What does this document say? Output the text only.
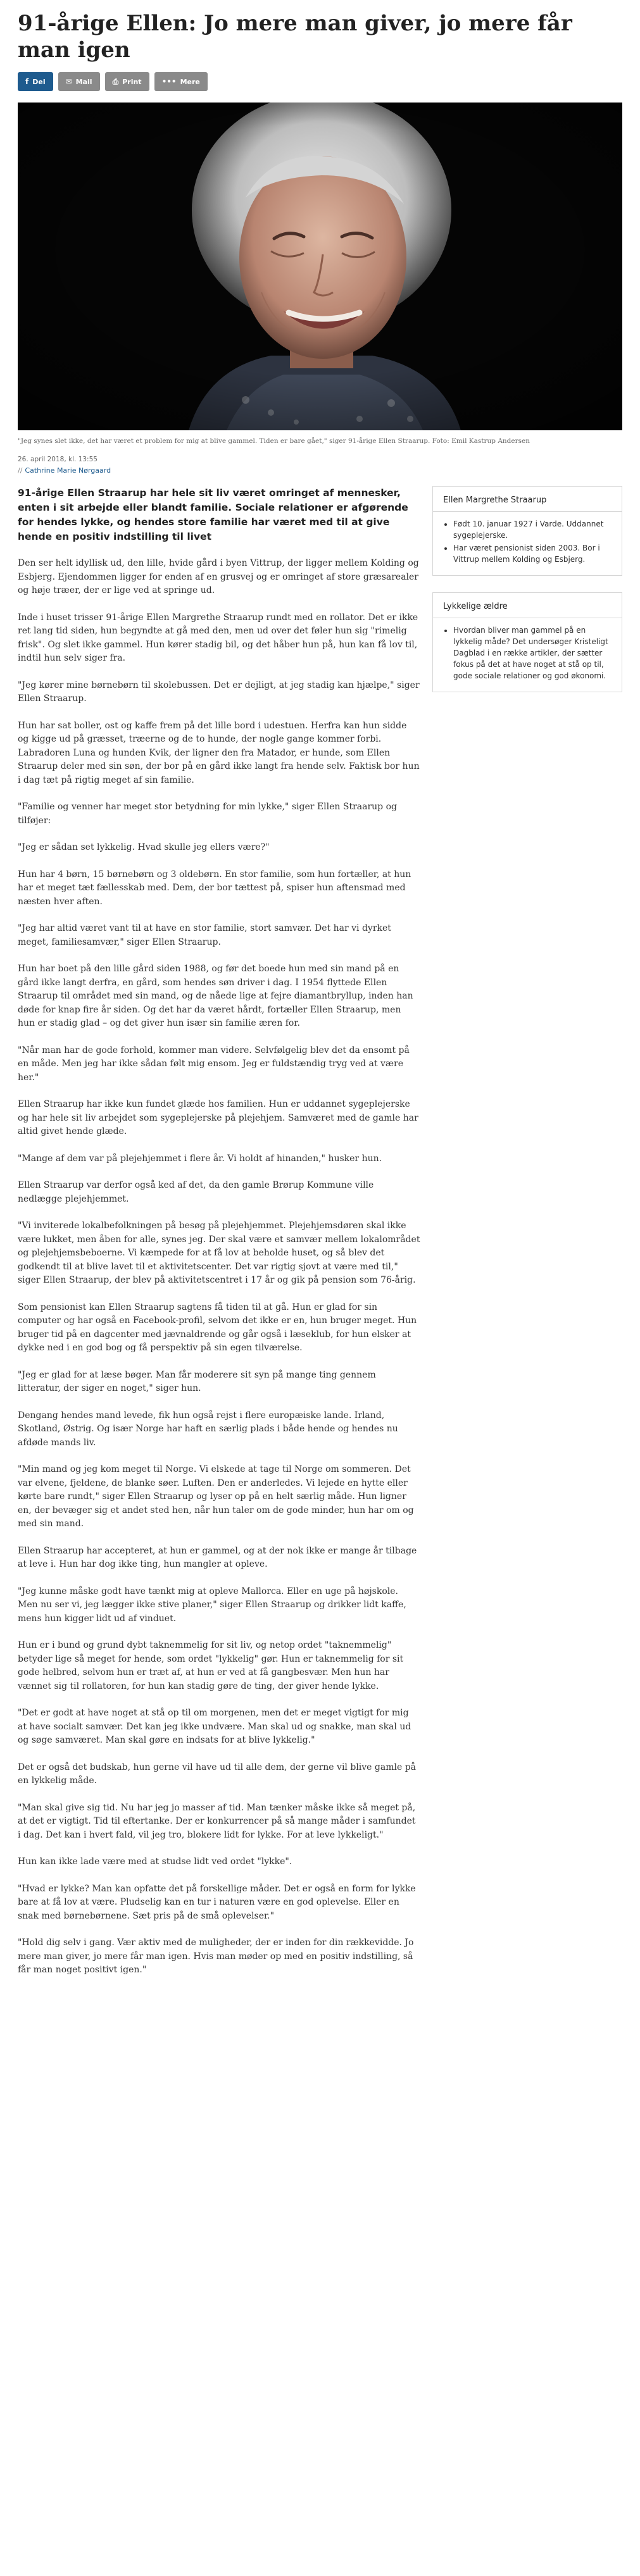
91-årige Ellen: Jo mere man giver, jo mere får man igen
f Del	✉ Mail	⎙ Print	••• Mere
"Jeg synes slet ikke, det har været et problem for mig at blive gammel. Tiden er bare gået," siger 91-årige Ellen Straarup. Foto: Emil Kastrup Andersen
26. april 2018, kl. 13:55
// Cathrine Marie Nørgaard

91-årige Ellen Straarup har hele sit liv været omringet af mennesker, enten i sit arbejde eller blandt familie. Sociale relationer er afgørende for hendes lykke, og hendes store familie har været med til at give hende en positiv indstilling til livet

Den ser helt idyllisk ud, den lille, hvide gård i byen Vittrup, der ligger mellem Kolding og Esbjerg. Ejendommen ligger for enden af en grusvej og er omringet af store græsarealer og høje træer, der er lige ved at springe ud.

Inde i huset trisser 91-årige Ellen Margrethe Straarup rundt med en rollator. Det er ikke ret lang tid siden, hun begyndte at gå med den, men ud over det føler hun sig "rimelig frisk". Og slet ikke gammel. Hun kører stadig bil, og det håber hun på, hun kan få lov til, indtil hun selv siger fra.

"Jeg kører mine børnebørn til skolebussen. Det er dejligt, at jeg stadig kan hjælpe," siger Ellen Straarup.

Hun har sat boller, ost og kaffe frem på det lille bord i udestuen. Herfra kan hun sidde og kigge ud på græsset, træerne og de to hunde, der nogle gange kommer forbi. Labradoren Luna og hunden Kvik, der ligner den fra Matador, er hunde, som Ellen Straarup deler med sin søn, der bor på en gård ikke langt fra hende selv. Faktisk bor hun i dag tæt på rigtig meget af sin familie.

"Familie og venner har meget stor betydning for min lykke," siger Ellen Straarup og tilføjer:

"Jeg er sådan set lykkelig. Hvad skulle jeg ellers være?"

Hun har 4 børn, 15 børnebørn og 3 oldebørn. En stor familie, som hun fortæller, at hun har et meget tæt fællesskab med. Dem, der bor tættest på, spiser hun aftensmad med næsten hver aften.

"Jeg har altid været vant til at have en stor familie, stort samvær. Det har vi dyrket meget, familiesamvær," siger Ellen Straarup.

Hun har boet på den lille gård siden 1988, og før det boede hun med sin mand på en gård ikke langt derfra, en gård, som hendes søn driver i dag. I 1954 flyttede Ellen Straarup til området med sin mand, og de nåede lige at fejre diamantbryllup, inden han døde for knap fire år siden. Og det har da været hårdt, fortæller Ellen Straarup, men hun er stadig glad – og det giver hun især sin familie æren for.

"Når man har de gode forhold, kommer man videre. Selvfølgelig blev det da ensomt på en måde. Men jeg har ikke sådan følt mig ensom. Jeg er fuldstændig tryg ved at være her."

Ellen Straarup har ikke kun fundet glæde hos familien. Hun er uddannet sygeplejerske og har hele sit liv arbejdet som sygeplejerske på plejehjem. Samværet med de gamle har altid givet hende glæde.

"Mange af dem var på plejehjemmet i flere år. Vi holdt af hinanden," husker hun.

Ellen Straarup var derfor også ked af det, da den gamle Brørup Kommune ville nedlægge plejehjemmet.

"Vi inviterede lokalbefolkningen på besøg på plejehjemmet. Plejehjemsdøren skal ikke være lukket, men åben for alle, synes jeg. Der skal være et samvær mellem lokalområdet og plejehjemsbeboerne. Vi kæmpede for at få lov at beholde huset, og så blev det godkendt til at blive lavet til et aktivitetscenter. Det var rigtig sjovt at være med til," siger Ellen Straarup, der blev på aktivitetscentret i 17 år og gik på pension som 76-årig.

Som pensionist kan Ellen Straarup sagtens få tiden til at gå. Hun er glad for sin computer og har også en Facebook-profil, selvom det ikke er en, hun bruger meget. Hun bruger tid på en dagcenter med jævnaldrende og går også i læseklub, for hun elsker at dykke ned i en god bog og få perspektiv på sin egen tilværelse.

"Jeg er glad for at læse bøger. Man får moderere sit syn på mange ting gennem litteratur, der siger en noget," siger hun.

Dengang hendes mand levede, fik hun også rejst i flere europæiske lande. Irland, Skotland, Østrig. Og især Norge har haft en særlig plads i både hende og hendes nu afdøde mands liv.

"Min mand og jeg kom meget til Norge. Vi elskede at tage til Norge om sommeren. Det var elvene, fjeldene, de blanke søer. Luften. Den er anderledes. Vi lejede en hytte eller kørte bare rundt," siger Ellen Straarup og lyser op på en helt særlig måde. Hun ligner en, der bevæger sig et andet sted hen, når hun taler om de gode minder, hun har om og med sin mand.

Ellen Straarup har accepteret, at hun er gammel, og at der nok ikke er mange år tilbage at leve i. Hun har dog ikke ting, hun mangler at opleve.

"Jeg kunne måske godt have tænkt mig at opleve Mallorca. Eller en uge på højskole. Men nu ser vi, jeg lægger ikke stive planer," siger Ellen Straarup og drikker lidt kaffe, mens hun kigger lidt ud af vinduet.

Hun er i bund og grund dybt taknemmelig for sit liv, og netop ordet "taknemmelig" betyder lige så meget for hende, som ordet "lykkelig" gør. Hun er taknemmelig for sit gode helbred, selvom hun er træt af, at hun er ved at få gangbesvær. Men hun har vænnet sig til rollatoren, for hun kan stadig gøre de ting, der giver hende lykke.

"Det er godt at have noget at stå op til om morgenen, men det er meget vigtigt for mig at have socialt samvær. Det kan jeg ikke undvære. Man skal ud og snakke, man skal ud og søge samværet. Man skal gøre en indsats for at blive lykkelig."

Det er også det budskab, hun gerne vil have ud til alle dem, der gerne vil blive gamle på en lykkelig måde.

"Man skal give sig tid. Nu har jeg jo masser af tid. Man tænker måske ikke så meget på, at det er vigtigt. Tid til eftertanke. Der er konkurrencer på så mange måder i samfundet i dag. Det kan i hvert fald, vil jeg tro, blokere lidt for lykke. For at leve lykkeligt."

Hun kan ikke lade være med at studse lidt ved ordet "lykke".

"Hvad er lykke? Man kan opfatte det på forskellige måder. Det er også en form for lykke bare at få lov at være. Pludselig kan en tur i naturen være en god oplevelse. Eller en snak med børnebørnene. Sæt pris på de små oplevelser."

"Hold dig selv i gang. Vær aktiv med de muligheder, der er inden for din rækkevidde. Jo mere man giver, jo mere får man igen. Hvis man møder op med en positiv indstilling, så får man noget positivt igen."

Ellen Margrethe Straarup
• Født 10. januar 1927 i Varde. Uddannet sygeplejerske.
• Har været pensionist siden 2003. Bor i Vittrup mellem Kolding og Esbjerg.
Lykkelige ældre
• Hvordan bliver man gammel på en lykkelig måde? Det undersøger Kristeligt Dagblad i en række artikler, der sætter fokus på det at have noget at stå op til, gode sociale relationer og god økonomi.
